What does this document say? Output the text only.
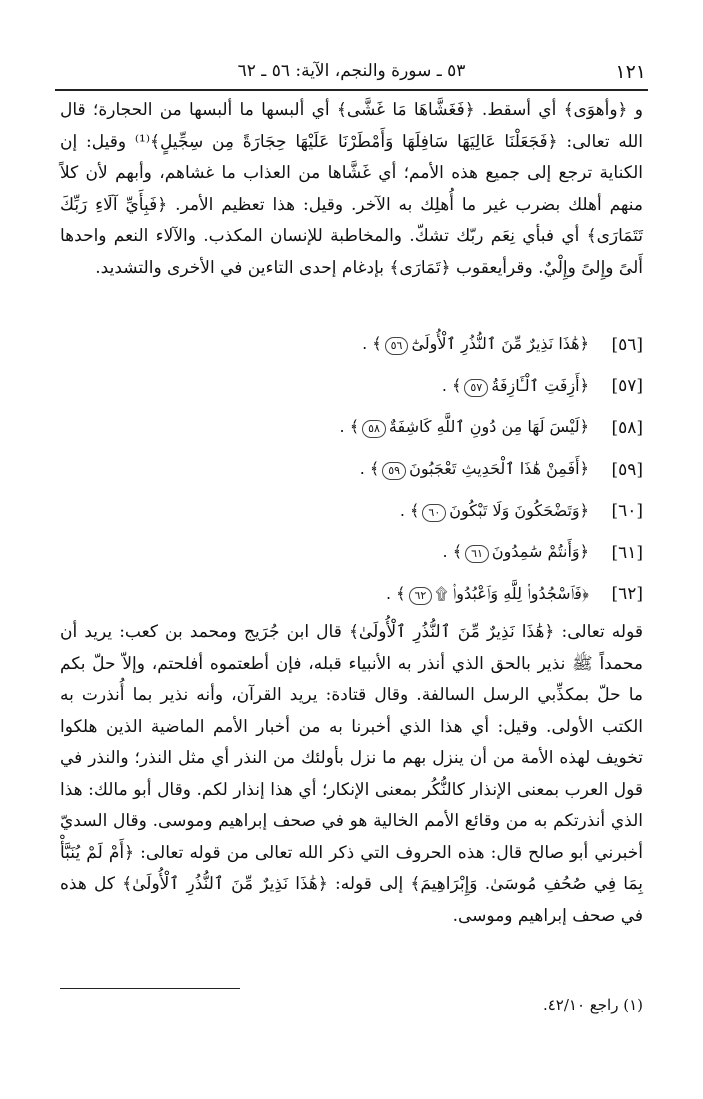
١٢١
٥٣ ـ سورة والنجم، الآية: ٥٦ ـ ٦٢

و ﴿وأهوَى﴾ أي أسقط. ﴿فَغَشَّاهَا مَا غَشَّى﴾ أي ألبسها ما ألبسها من الحجارة؛ قال الله تعالى: ﴿فَجَعَلْنَا عَالِيَهَا سَافِلَهَا وَأَمْطَرْنَا عَلَيْهَا حِجَارَةً مِن سِجِّيلٍ﴾⁽¹⁾ وقيل: إن الكناية ترجع إلى جميع هذه الأمم؛ أي غَشَّاها من العذاب ما غشاهم، وأبهم لأن كلاً منهم أهلك بضرب غير ما أُهلِك به الآخر. وقيل: هذا تعظيم الأمر. ﴿فَبِأَيِّ آلَاءِ رَبِّكَ تَتَمَارَى﴾ أي فبأي نِعَم ربّك تشكّ. والمخاطبة للإنسان المكذب. والآلاء النعم واحدها أَلىً وإِلىً وإِلْيٌ. وقرأيعقوب ﴿تَمَارَى﴾ بإدغام إحدى التاءين في الأخرى والتشديد.

[٥٦]
﴿هَٰذَا نَذِيرٌ مِّنَ ٱلنُّذُرِ ٱلْأُولَىٰٓ٥٦﴾ .
[٥٧]
﴿أَزِفَتِ ٱلْـَٔازِفَةُ٥٧﴾ .
[٥٨]
﴿لَيْسَ لَهَا مِن دُونِ ٱللَّهِ كَاشِفَةٌ٥٨﴾ .
[٥٩]
﴿أَفَمِنْ هَٰذَا ٱلْحَدِيثِ تَعْجَبُونَ٥٩﴾ .
[٦٠]
﴿وَتَضْحَكُونَ وَلَا تَبْكُونَ٦٠﴾ .
[٦١]
﴿وَأَنتُمْ سَٰمِدُونَ٦١﴾ .
[٦٢]
﴿فَٱسْجُدُوا۟ لِلَّهِ وَٱعْبُدُوا۟ ۩٦٢﴾ .

قوله تعالى: ﴿هَٰذَا نَذِيرٌ مِّنَ ٱلنُّذُرِ ٱلْأُولَىٰ﴾ قال ابن جُرَيج ومحمد بن كعب: يريد أن محمداً ﷺ نذير بالحق الذي أنذر به الأنبياء قبله، فإن أطعتموه أفلحتم، وإلاّ حلّ بكم ما حلّ بمكذِّبي الرسل السالفة. وقال قتادة: يريد القرآن، وأنه نذير بما أُنذرت به الكتب الأولى. وقيل: أي هذا الذي أخبرنا به من أخبار الأمم الماضية الذين هلكوا تخويف لهذه الأمة من أن ينزل بهم ما نزل بأولئك من النذر أي مثل النذر؛ والنذر في قول العرب بمعنى الإنذار كالنُّكُر بمعنى الإنكار؛ أي هذا إنذار لكم. وقال أبو مالك: هذا الذي أنذرتكم به من وقائع الأمم الخالية هو في صحف إبراهيم وموسى. وقال السديّ أخبرني أبو صالح قال: هذه الحروف التي ذكر الله تعالى من قوله تعالى: ﴿أَمْ لَمْ يُنَبَّأْ بِمَا فِي صُحُفِ مُوسَىٰ. وَإِبْرَاهِيمَ﴾ إلى قوله: ﴿هَٰذَا نَذِيرٌ مِّنَ ٱلنُّذُرِ ٱلْأُولَىٰ﴾ كل هذه في صحف إبراهيم وموسى.

(١) راجع ٤٢/١٠.
